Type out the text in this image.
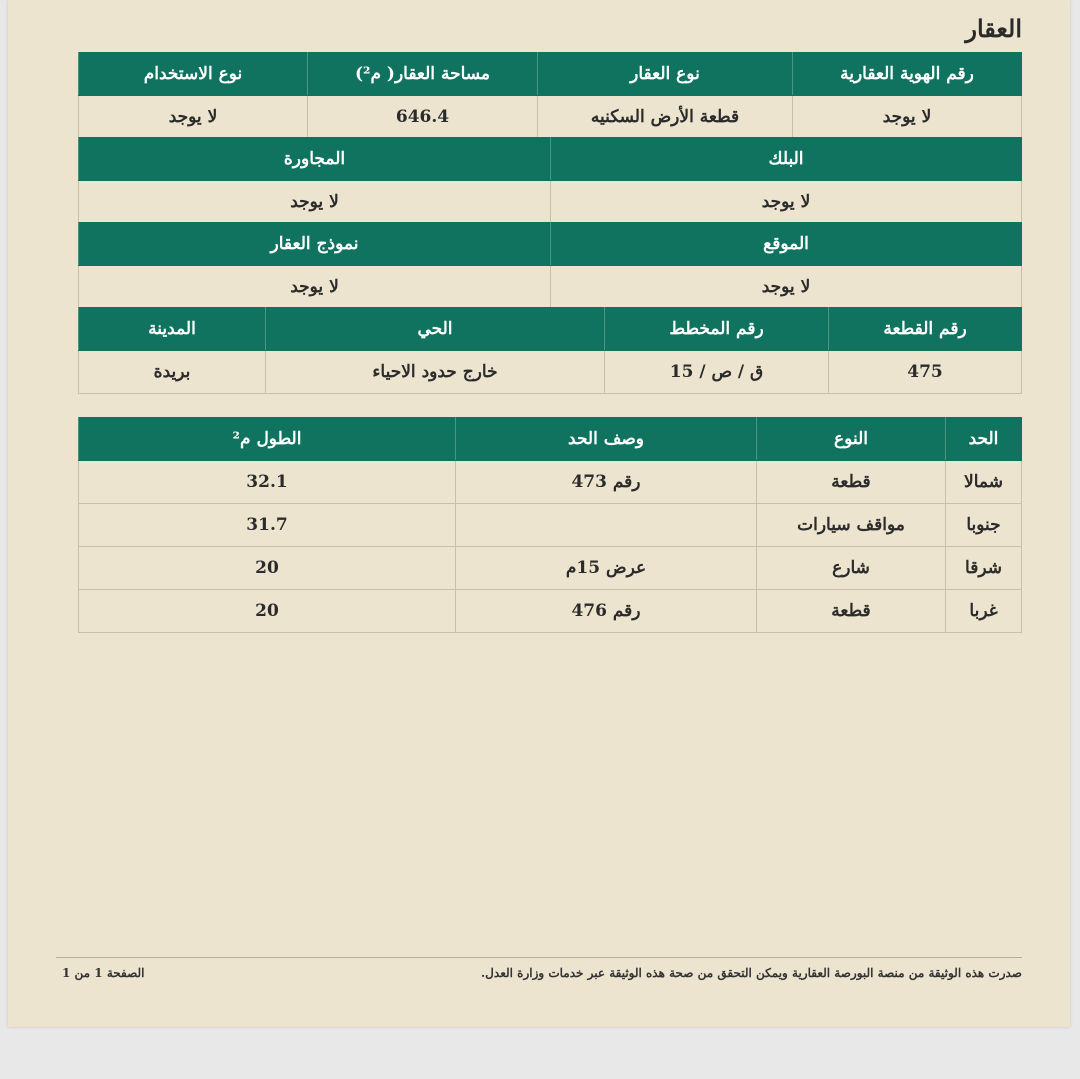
العقار
رقم الهوية العقارية	نوع العقار	مساحة العقار( م²)	نوع الاستخدام
لا يوجد	قطعة الأرض السكنيه	646.4	لا يوجد
البلك	المجاورة
لا يوجد	لا يوجد
الموقع	نموذج العقار
لا يوجد	لا يوجد
رقم القطعة	رقم المخطط	الحي	المدينة
475	ق / ص / 15	خارج حدود الاحياء	بريدة
الحد	النوع	وصف الحد	الطول م²
شمالا	قطعة	رقم 473	32.1
جنوبا	مواقف سيارات		31.7
شرقا	شارع	عرض 15م	20
غربا	قطعة	رقم 476	20
صدرت هذه الوثيقة من منصة البورصة العقارية ويمكن التحقق من صحة هذه الوثيقة عبر خدمات وزارة العدل.
الصفحة 1 من 1
